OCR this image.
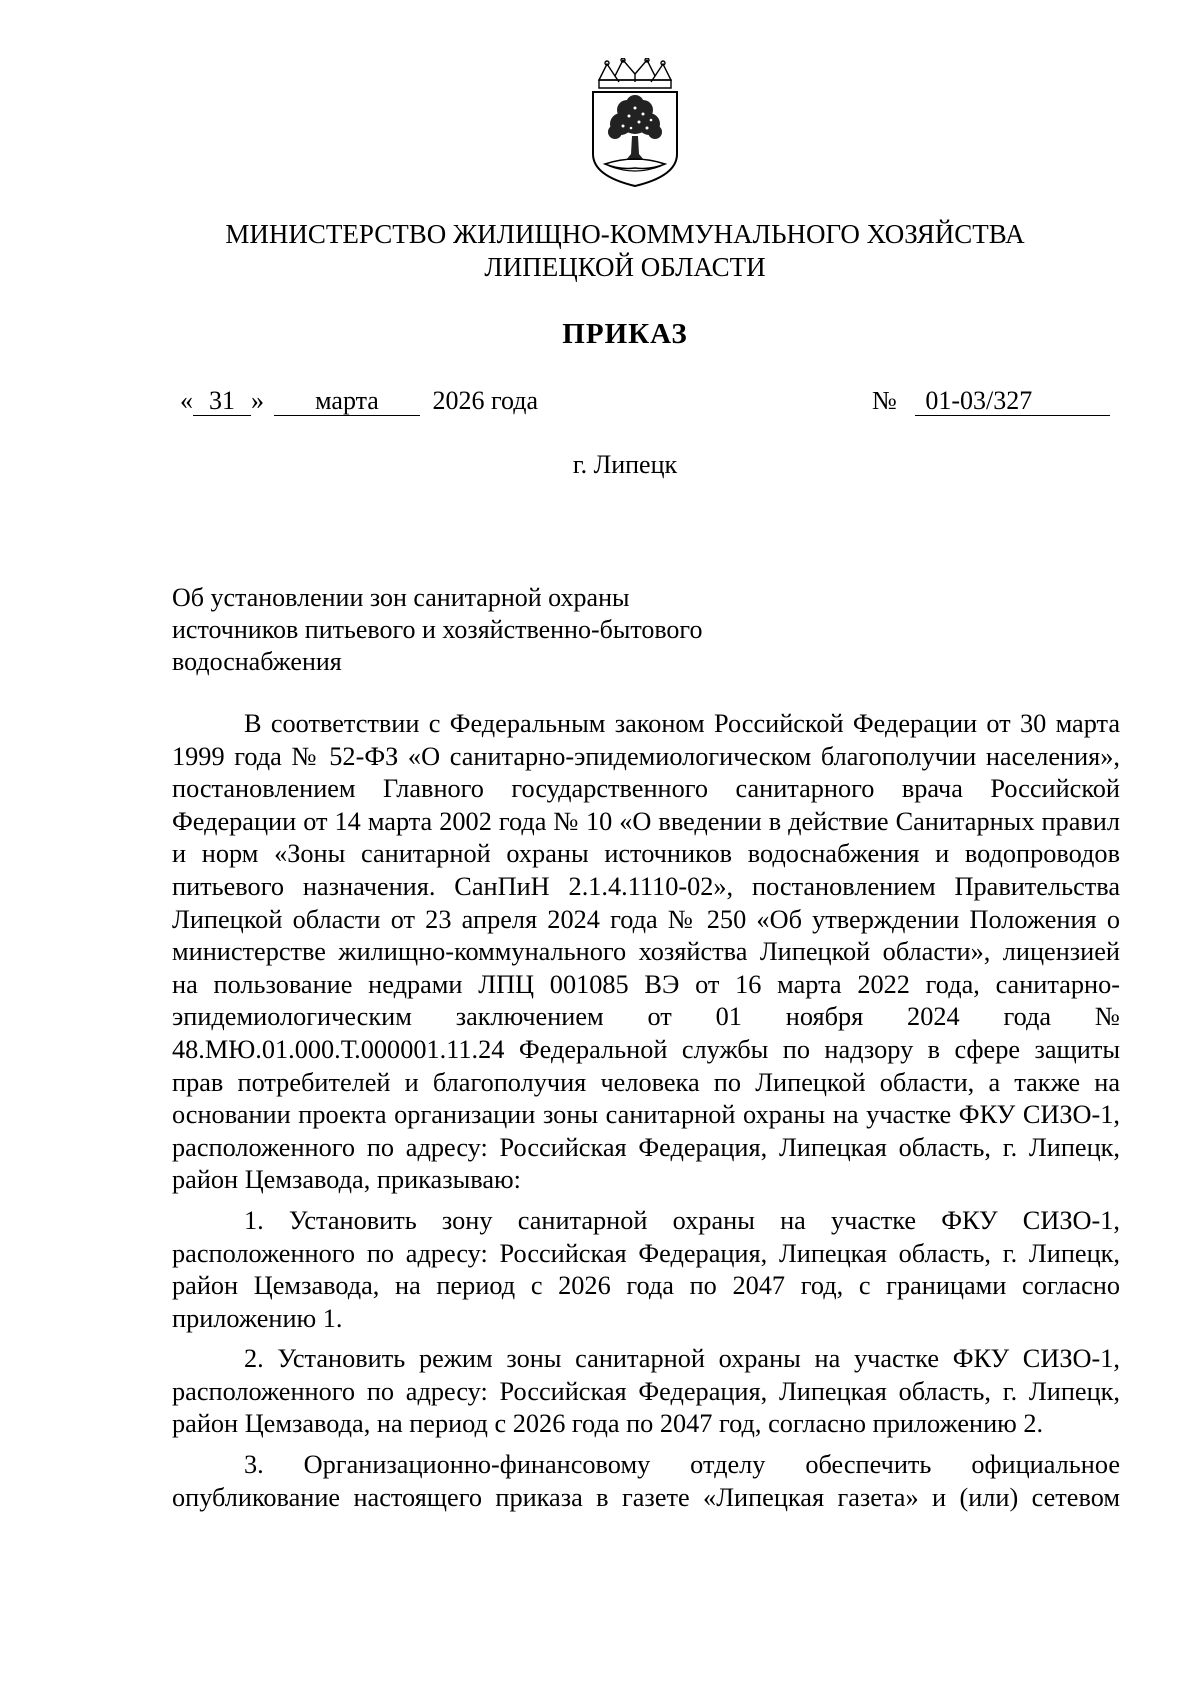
МИНИСТЕРСТВО ЖИЛИЩНО-КОММУНАЛЬНОГО ХОЗЯЙСТВА
ЛИПЕЦКОЙ ОБЛАСТИ
ПРИКАЗ
« 31 » марта 2026 года	№ 01-03/327
г. Липецк
Об установлении зон санитарной охраны
источников питьевого и хозяйственно-бытового
водоснабжения

В соответствии с Федеральным законом Российской Федерации от 30 марта 1999 года № 52-ФЗ «О санитарно-эпидемиологическом благополучии населения», постановлением Главного государственного санитарного врача Российской Федерации от 14 марта 2002 года № 10 «О введении в действие Санитарных правил и норм «Зоны санитарной охраны источников водоснабжения и водопроводов питьевого назначения. СанПиН 2.1.4.1110-02», постановлением Правительства Липецкой области от 23 апреля 2024 года № 250 «Об утверждении Положения о министерстве жилищно-коммунального хозяйства Липецкой области», лицензией на пользование недрами ЛПЦ 001085 ВЭ от 16 марта 2022 года, санитарно-эпидемиологическим заключением от 01 ноября 2024 года № 48.МЮ.01.000.Т.000001.11.24 Федеральной службы по надзору в сфере защиты прав потребителей и благополучия человека по Липецкой области, а также на основании проекта организации зоны санитарной охраны на участке ФКУ СИЗО-1, расположенного по адресу: Российская Федерация, Липецкая область, г. Липецк, район Цемзавода, приказываю:

1. Установить зону санитарной охраны на участке ФКУ СИЗО-1, расположенного по адресу: Российская Федерация, Липецкая область, г. Липецк, район Цемзавода, на период с 2026 года по 2047 год, с границами согласно приложению 1.

2. Установить режим зоны санитарной охраны на участке ФКУ СИЗО-1, расположенного по адресу: Российская Федерация, Липецкая область, г. Липецк, район Цемзавода, на период с 2026 года по 2047 год, согласно приложению 2.

3. Организационно-финансовому отделу обеспечить официальное опубликование настоящего приказа в газете «Липецкая газета» и (или) сетевом
